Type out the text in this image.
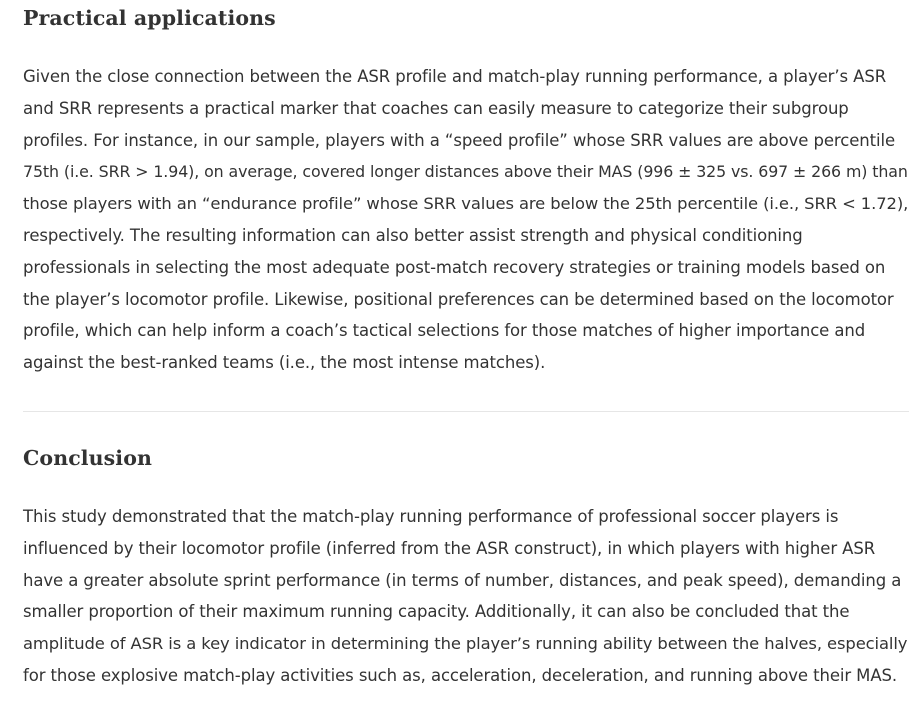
Practical applications

Given the close connection between the ASR profile and match-play running performance, a player’s ASR
and SRR represents a practical marker that coaches can easily measure to categorize their subgroup
profiles. For instance, in our sample, players with a “speed profile” whose SRR values are above percentile
75th (i.e. SRR > 1.94), on average, covered longer distances above their MAS (996 ± 325 vs. 697 ± 266 m) than
those players with an “endurance profile” whose SRR values are below the 25th percentile (i.e., SRR < 1.72),
respectively. The resulting information can also better assist strength and physical conditioning
professionals in selecting the most adequate post-match recovery strategies or training models based on
the player’s locomotor profile. Likewise, positional preferences can be determined based on the locomotor
profile, which can help inform a coach’s tactical selections for those matches of higher importance and
against the best-ranked teams (i.e., the most intense matches).

Conclusion

This study demonstrated that the match-play running performance of professional soccer players is
influenced by their locomotor profile (inferred from the ASR construct), in which players with higher ASR
have a greater absolute sprint performance (in terms of number, distances, and peak speed), demanding a
smaller proportion of their maximum running capacity. Additionally, it can also be concluded that the
amplitude of ASR is a key indicator in determining the player’s running ability between the halves, especially
for those explosive match-play activities such as, acceleration, deceleration, and running above their MAS.
